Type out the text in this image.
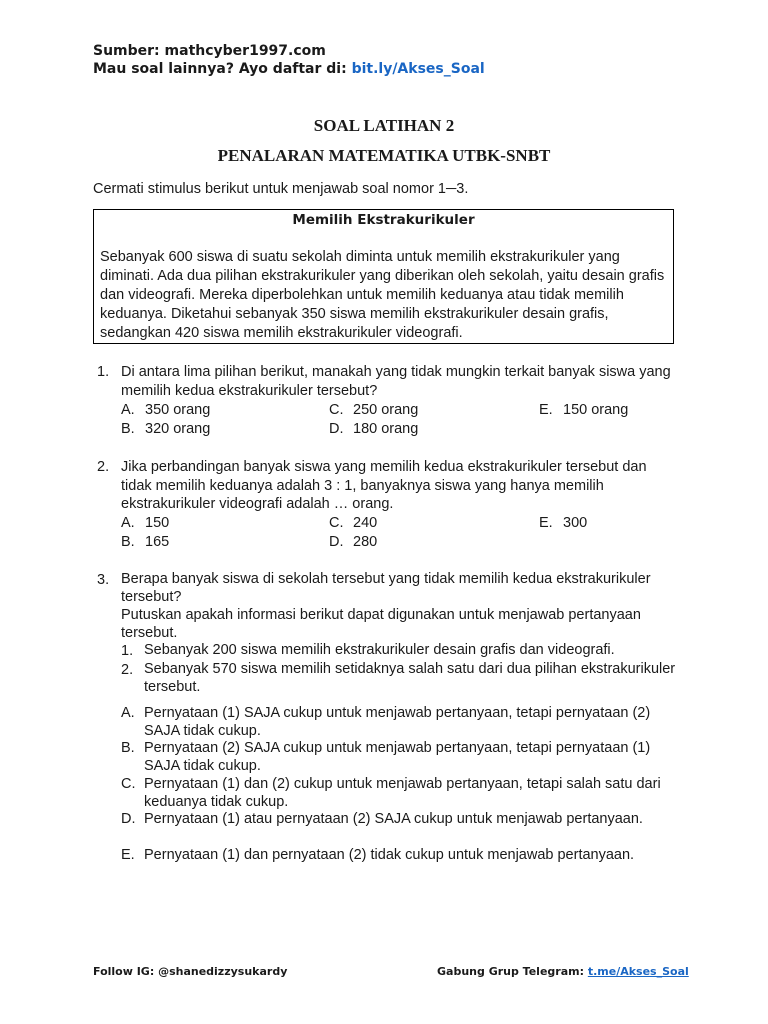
Sumber: mathcyber1997.com
Mau soal lainnya? Ayo daftar di: bit.ly/Akses_Soal
SOAL LATIHAN 2
PENALARAN MATEMATIKA UTBK-SNBT
Cermati stimulus berikut untuk menjawab soal nomor 1─3.
Memilih Ekstrakurikuler
Sebanyak 600 siswa di suatu sekolah diminta untuk memilih ekstrakurikuler yang diminati. Ada dua pilihan ekstrakurikuler yang diberikan oleh sekolah, yaitu desain grafis dan videografi. Mereka diperbolehkan untuk memilih keduanya atau tidak memilih keduanya. Diketahui sebanyak 350 siswa memilih ekstrakurikuler desain grafis, sedangkan 420 siswa memilih ekstrakurikuler videografi.
1. Di antara lima pilihan berikut, manakah yang tidak mungkin terkait banyak siswa yang memilih kedua ekstrakurikuler tersebut?
A. 350 orang
B. 320 orang
C. 250 orang
D. 180 orang
E. 150 orang
2. Jika perbandingan banyak siswa yang memilih kedua ekstrakurikuler tersebut dan tidak memilih keduanya adalah 3 : 1, banyaknya siswa yang hanya memilih ekstrakurikuler videografi adalah … orang.
A. 150
B. 165
C. 240
D. 280
E. 300
3. Berapa banyak siswa di sekolah tersebut yang tidak memilih kedua ekstrakurikuler tersebut?
Putuskan apakah informasi berikut dapat digunakan untuk menjawab pertanyaan tersebut.
1. Sebanyak 200 siswa memilih ekstrakurikuler desain grafis dan videografi.
2. Sebanyak 570 siswa memilih setidaknya salah satu dari dua pilihan ekstrakurikuler tersebut.
A. Pernyataan (1) SAJA cukup untuk menjawab pertanyaan, tetapi pernyataan (2) SAJA tidak cukup.
B. Pernyataan (2) SAJA cukup untuk menjawab pertanyaan, tetapi pernyataan (1) SAJA tidak cukup.
C. Pernyataan (1) dan (2) cukup untuk menjawab pertanyaan, tetapi salah satu dari keduanya tidak cukup.
D. Pernyataan (1) atau pernyataan (2) SAJA cukup untuk menjawab pertanyaan.
E. Pernyataan (1) dan pernyataan (2) tidak cukup untuk menjawab pertanyaan.
Follow IG: @shanedizzysukardy	Gabung Grup Telegram: t.me/Akses_Soal
